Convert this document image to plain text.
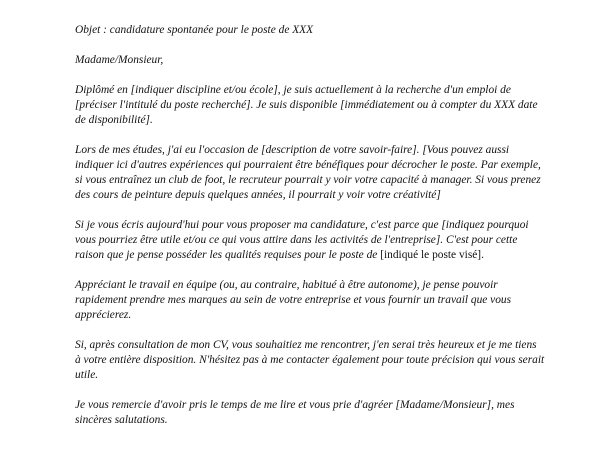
Objet : candidature spontanée pour le poste de XXX

Madame/Monsieur,

Diplômé en [indiquer discipline et/ou école], je suis actuellement à la recherche d'un emploi de [préciser l'intitulé du poste recherché]. Je suis disponible [immédiatement ou à compter du XXX date de disponibilité].

Lors de mes études, j'ai eu l'occasion de [description de votre savoir-faire]. [Vous pouvez aussi indiquer ici d'autres expériences qui pourraient être bénéfiques pour décrocher le poste. Par exemple, si vous entraînez un club de foot, le recruteur pourrait y voir votre capacité à manager. Si vous prenez des cours de peinture depuis quelques années, il pourrait y voir votre créativité]

Si je vous écris aujourd'hui pour vous proposer ma candidature, c'est parce que [indiquez pourquoi vous pourriez être utile et/ou ce qui vous attire dans les activités de l'entreprise]. C'est pour cette raison que je pense posséder les qualités requises pour le poste de [indiqué le poste visé].

Appréciant le travail en équipe (ou, au contraire, habitué à être autonome), je pense pouvoir rapidement prendre mes marques au sein de votre entreprise et vous fournir un travail que vous apprécierez.

Si, après consultation de mon CV, vous souhaitiez me rencontrer, j'en serai très heureux et je me tiens à votre entière disposition. N'hésitez pas à me contacter également pour toute précision qui vous serait utile.

Je vous remercie d'avoir pris le temps de me lire et vous prie d'agréer [Madame/Monsieur], mes sincères salutations.
